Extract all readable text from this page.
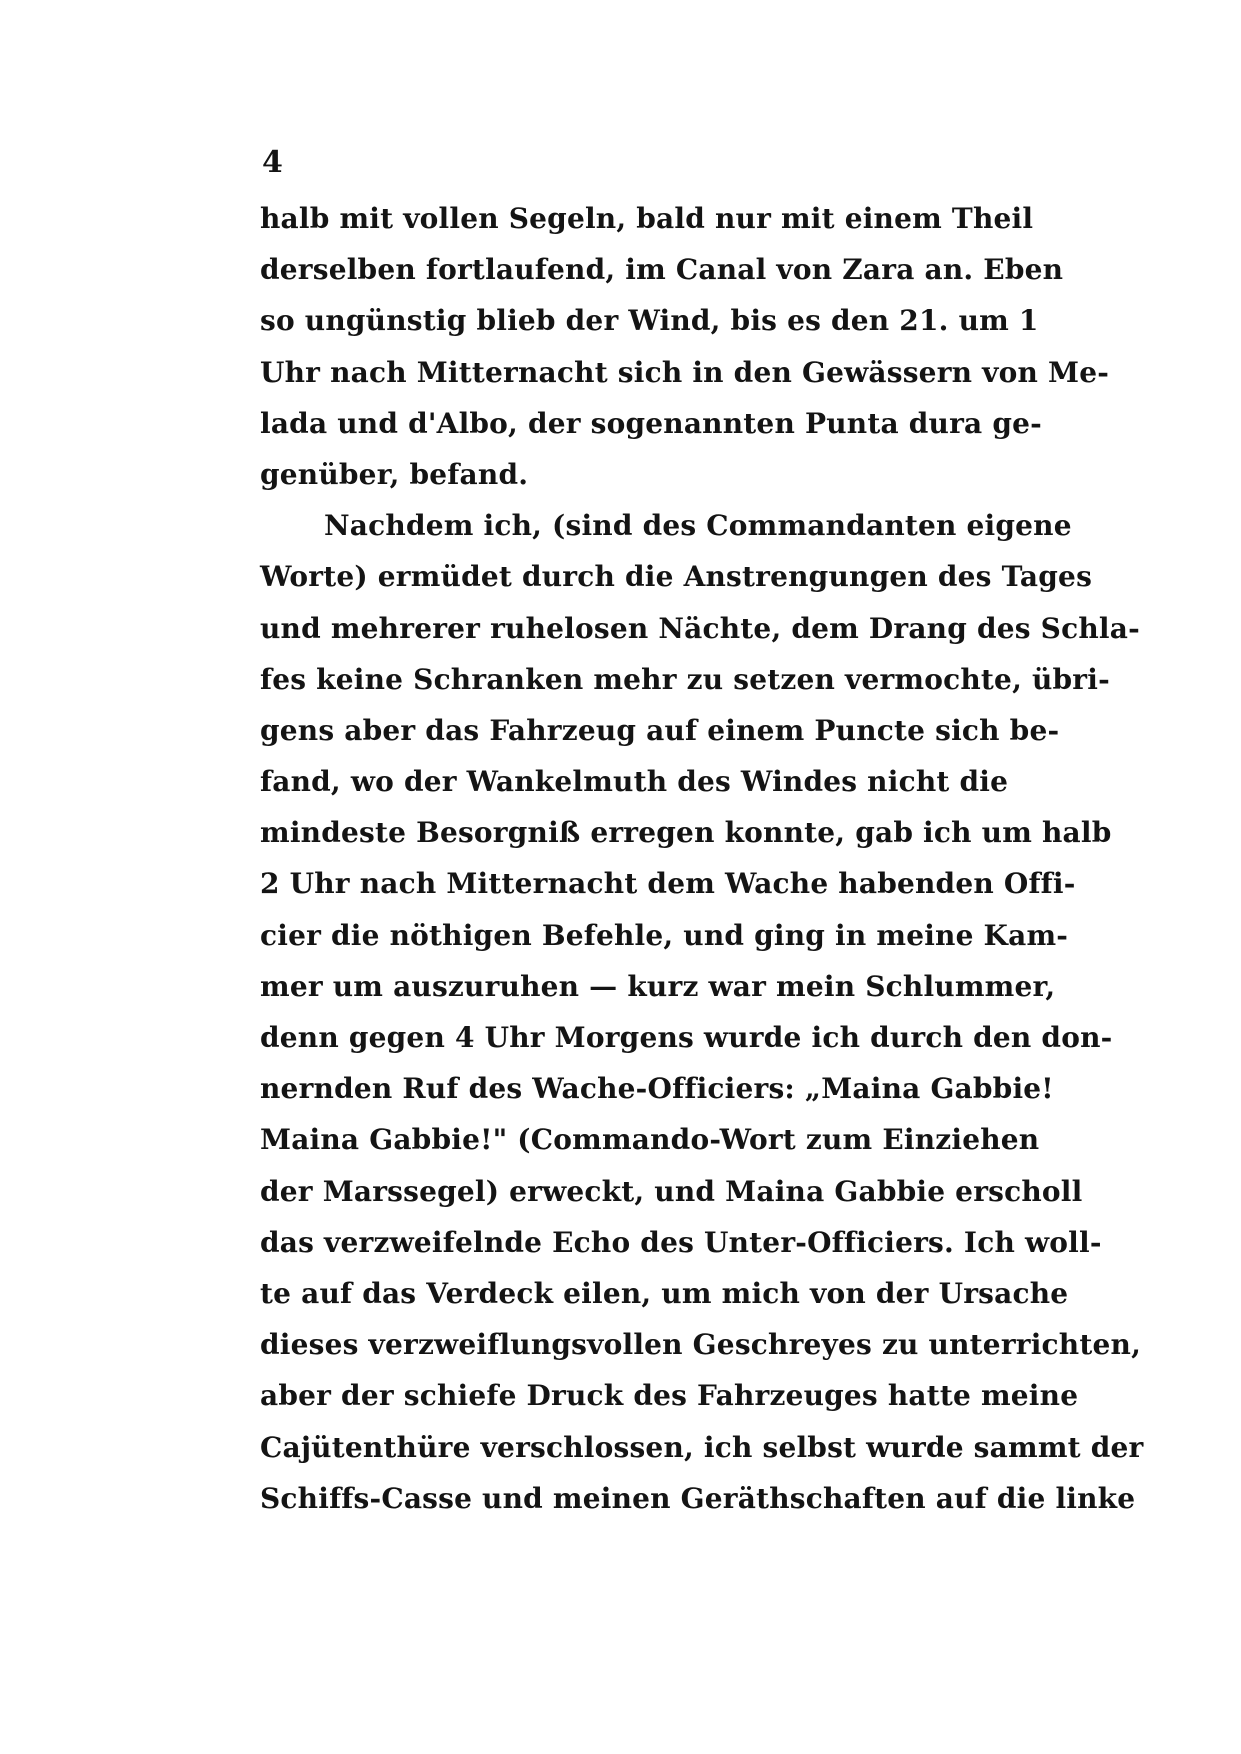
4
halb mit vollen Segeln, bald nur mit einem Theil
derselben fortlaufend, im Canal von Zara an. Eben
so ungünstig blieb der Wind, bis es den 21. um 1
Uhr nach Mitternacht sich in den Gewässern von Me-
lada und d'Albo, der sogenannten Punta dura ge-
genüber, befand.
Nachdem ich, (sind des Commandanten eigene
Worte) ermüdet durch die Anstrengungen des Tages
und mehrerer ruhelosen Nächte, dem Drang des Schla-
fes keine Schranken mehr zu setzen vermochte, übri-
gens aber das Fahrzeug auf einem Puncte sich be-
fand, wo der Wankelmuth des Windes nicht die
mindeste Besorgniß erregen konnte, gab ich um halb
2 Uhr nach Mitternacht dem Wache habenden Offi-
cier die nöthigen Befehle, und ging in meine Kam-
mer um auszuruhen — kurz war mein Schlummer,
denn gegen 4 Uhr Morgens wurde ich durch den don-
nernden Ruf des Wache-Officiers: „Maina Gabbie!
Maina Gabbie!" (Commando-Wort zum Einziehen
der Marssegel) erweckt, und Maina Gabbie erscholl
das verzweifelnde Echo des Unter-Officiers. Ich woll-
te auf das Verdeck eilen, um mich von der Ursache
dieses verzweiflungsvollen Geschreyes zu unterrichten,
aber der schiefe Druck des Fahrzeuges hatte meine
Cajütenthüre verschlossen, ich selbst wurde sammt der
Schiffs-Casse und meinen Geräthschaften auf die linke
